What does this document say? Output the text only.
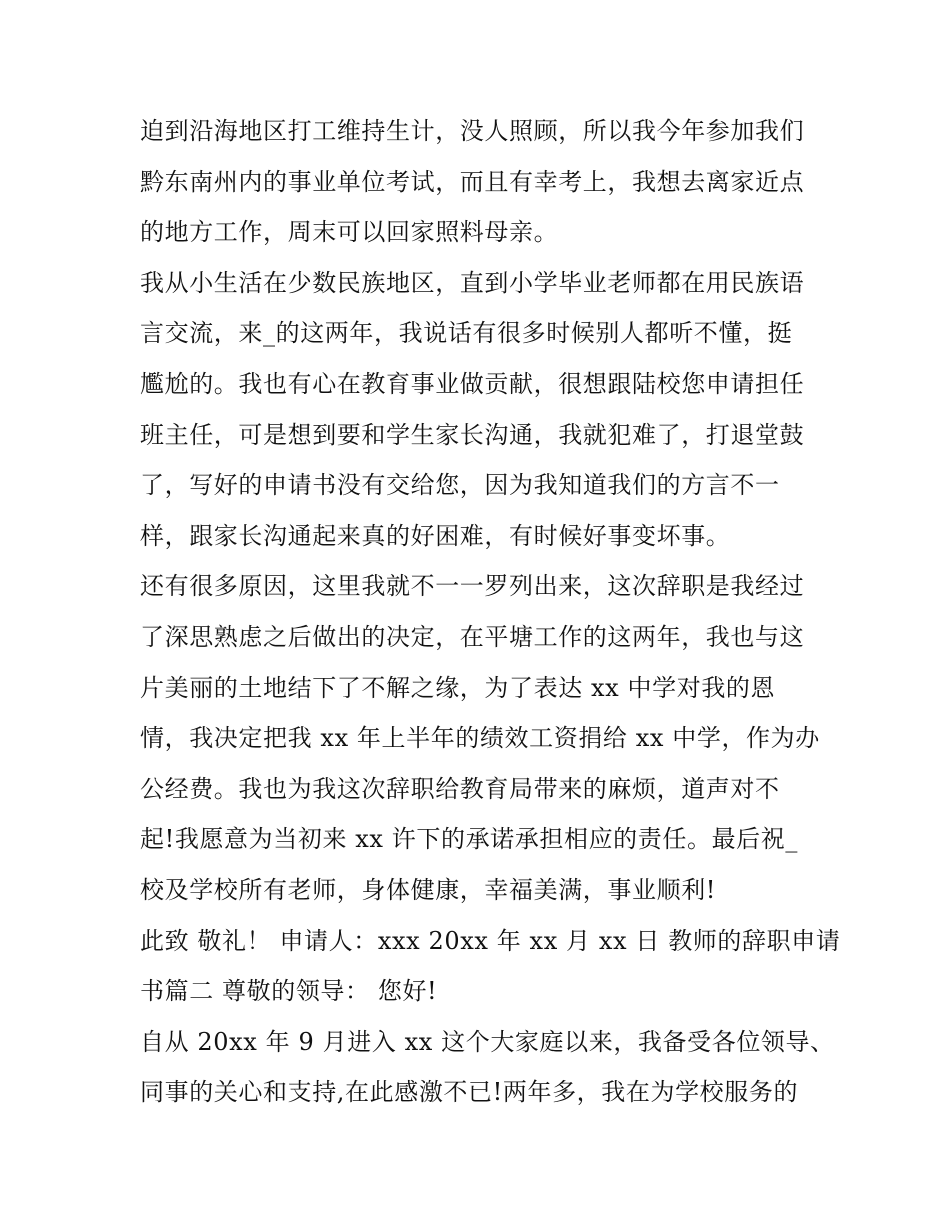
迫到沿海地区打工维持生计，没人照顾，所以我今年参加我们
黔东南州内的事业单位考试，而且有幸考上，我想去离家近点
的地方工作，周末可以回家照料母亲。
我从小生活在少数民族地区，直到小学毕业老师都在用民族语
言交流，来_的这两年，我说话有很多时候别人都听不懂，挺
尷尬的。我也有心在教育事业做贡献，很想跟陆校您申请担任
班主任，可是想到要和学生家长沟通，我就犯难了，打退堂鼓
了，写好的申请书没有交给您，因为我知道我们的方言不一
样，跟家长沟通起来真的好困难，有时候好事变坏事。
还有很多原因，这里我就不一一罗列出来，这次辞职是我经过
了深思熟虑之后做出的决定，在平塘工作的这两年，我也与这
片美丽的土地结下了不解之缘，为了表达 xx 中学对我的恩
情，我决定把我 xx 年上半年的绩效工资捐给 xx 中学，作为办
公经费。我也为我这次辞职给教育局带来的麻烦，道声对不
起!我愿意为当初来 xx 许下的承诺承担相应的责任。最后祝_
校及学校所有老师，身体健康，幸福美满，事业顺利!
此致 敬礼！ 申请人：xxx 20xx 年 xx 月 xx 日 教师的辞职申请
书篇二 尊敬的领导： 您好!
自从 20xx 年 9 月进入 xx 这个大家庭以来，我备受各位领导、
同事的关心和支持,在此感激不已!两年多，我在为学校服务的
